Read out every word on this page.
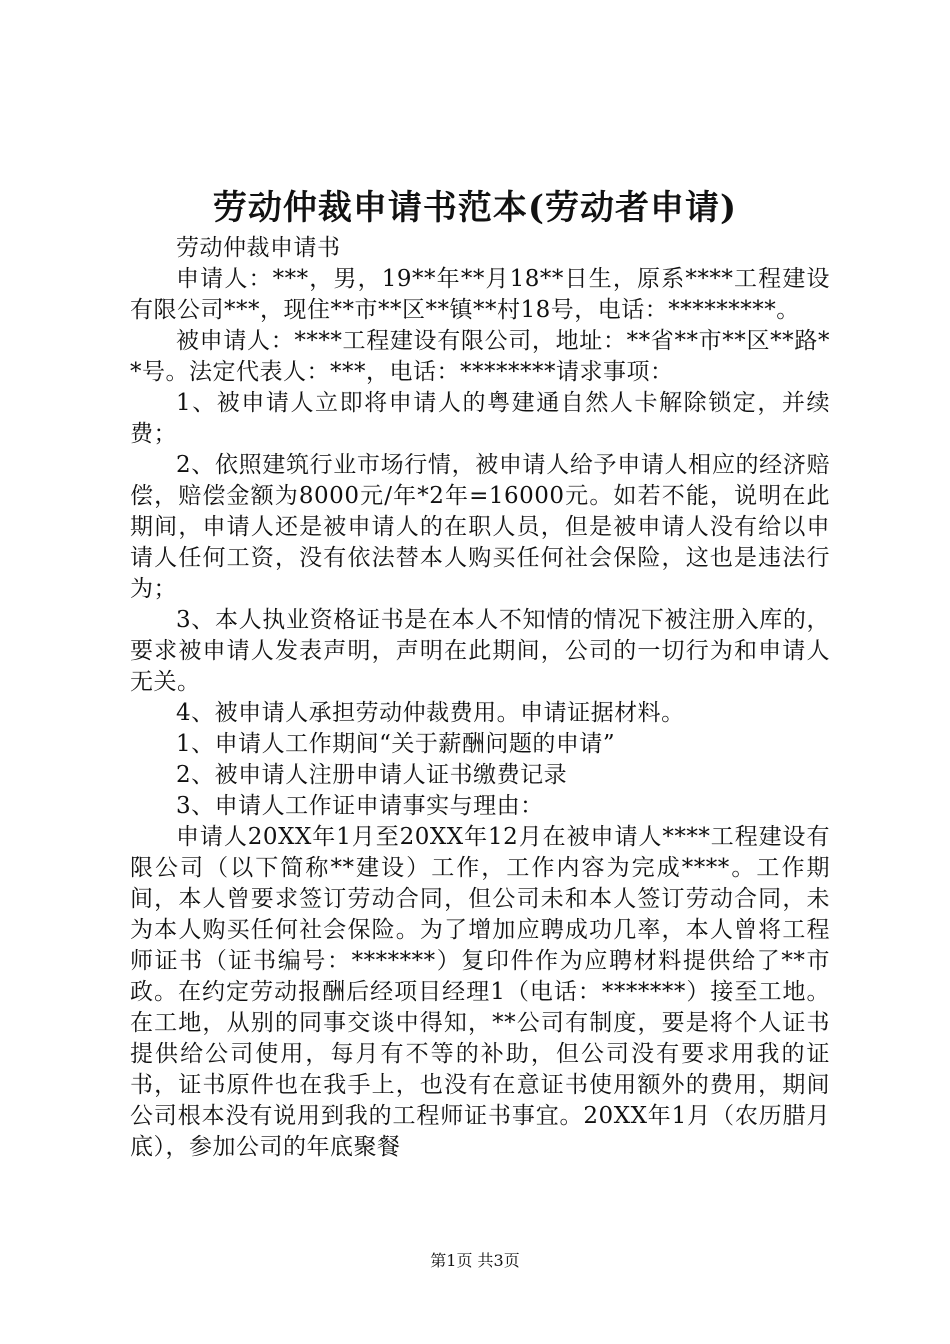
劳动仲裁申请书范本(劳动者申请)

劳动仲裁申请书

申请人：***，男，19**年**月18**日生，原系****工程建设有限公司***，现住**市**区**镇**村18号，电话：*********。

被申请人：****工程建设有限公司，地址：**省**市**区**路**号。法定代表人：***，电话：********请求事项：

1、被申请人立即将申请人的粤建通自然人卡解除锁定，并续费；

2、依照建筑行业市场行情，被申请人给予申请人相应的经济赔偿，赔偿金额为8000元/年*2年=16000元。如若不能，说明在此期间，申请人还是被申请人的在职人员，但是被申请人没有给以申请人任何工资，没有依法替本人购买任何社会保险，这也是违法行为；

3、本人执业资格证书是在本人不知情的情况下被注册入库的，要求被申请人发表声明，声明在此期间，公司的一切行为和申请人无关。

4、被申请人承担劳动仲裁费用。申请证据材料。

1、申请人工作期间“关于薪酬问题的申请”

2、被申请人注册申请人证书缴费记录

3、申请人工作证申请事实与理由：

申请人20XX年1月至20XX年12月在被申请人****工程建设有限公司（以下简称**建设）工作，工作内容为完成****。工作期间，本人曾要求签订劳动合同，但公司未和本人签订劳动合同，未为本人购买任何社会保险。为了增加应聘成功几率，本人曾将工程师证书（证书编号：*******）复印件作为应聘材料提供给了**市政。在约定劳动报酬后经项目经理1（电话：*******）接至工地。在工地，从别的同事交谈中得知，**公司有制度，要是将个人证书提供给公司使用，每月有不等的补助，但公司没有要求用我的证书，证书原件也在我手上，也没有在意证书使用额外的费用，期间公司根本没有说用到我的工程师证书事宜。20XX年1月（农历腊月底），参加公司的年底聚餐

第1页 共3页
